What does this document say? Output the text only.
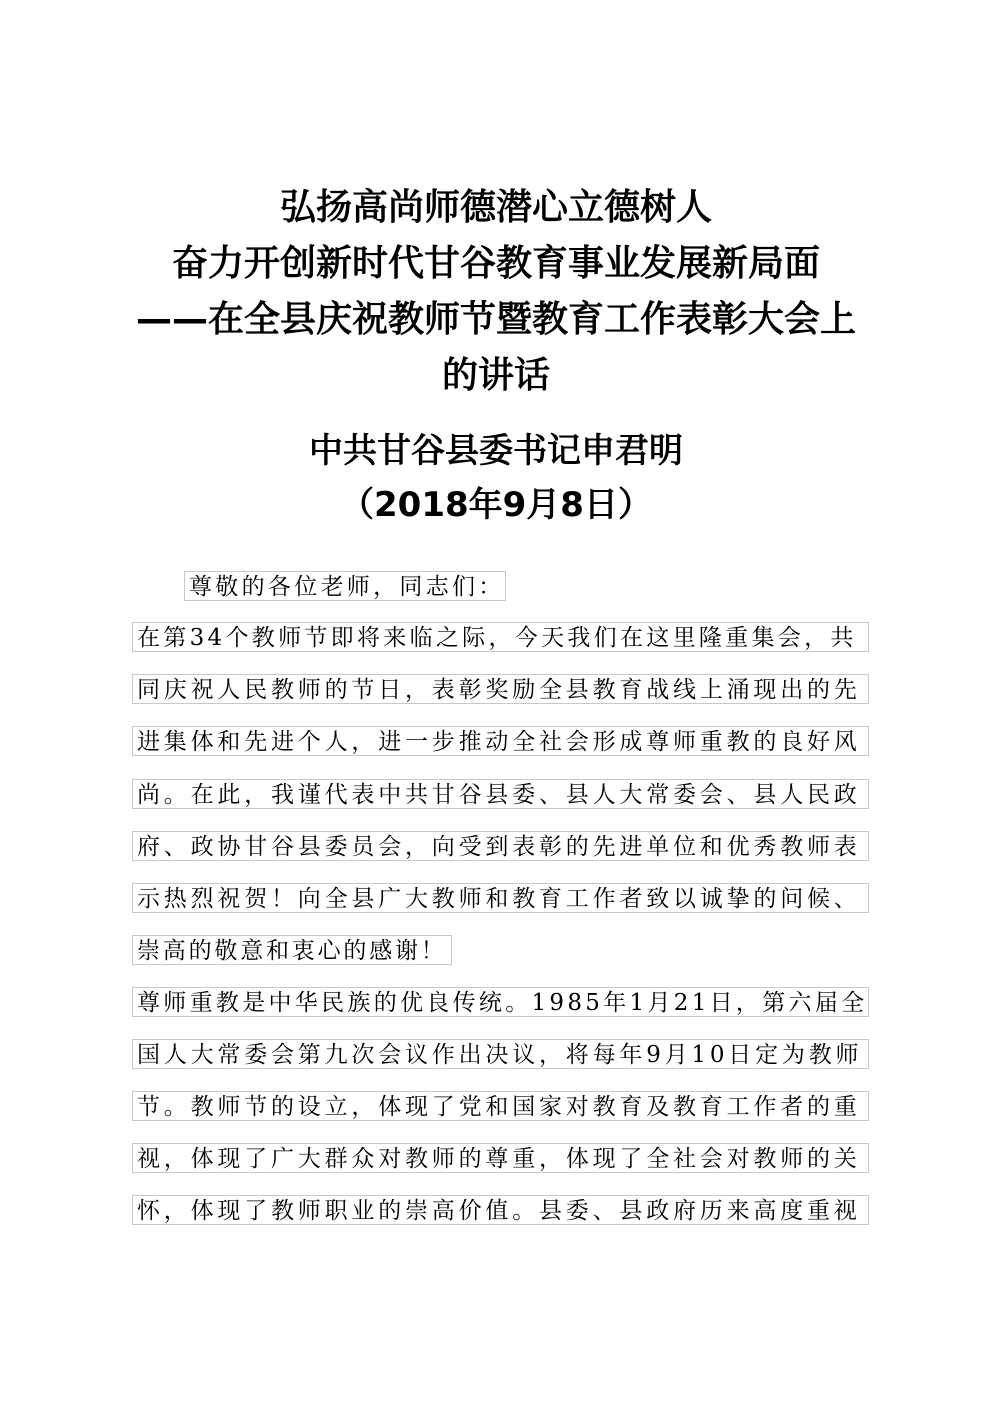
弘扬高尚师德潜心立德树人
奋力开创新时代甘谷教育事业发展新局面
——在全县庆祝教师节暨教育工作表彰大会上
的讲话
中共甘谷县委书记申君明
（2018年9月8日）
尊敬的各位老师，同志们：
在第34个教师节即将来临之际，今天我们在这里隆重集会，共
同庆祝人民教师的节日，表彰奖励全县教育战线上涌现出的先
进集体和先进个人，进一步推动全社会形成尊师重教的良好风
尚。在此，我谨代表中共甘谷县委、县人大常委会、县人民政
府、政协甘谷县委员会，向受到表彰的先进单位和优秀教师表
示热烈祝贺！向全县广大教师和教育工作者致以诚挚的问候、
崇高的敬意和衷心的感谢！
尊师重教是中华民族的优良传统。1985年1月21日，第六届全
国人大常委会第九次会议作出决议，将每年9月10日定为教师
节。教师节的设立，体现了党和国家对教育及教育工作者的重
视，体现了广大群众对教师的尊重，体现了全社会对教师的关
怀，体现了教师职业的崇高价值。县委、县政府历来高度重视
